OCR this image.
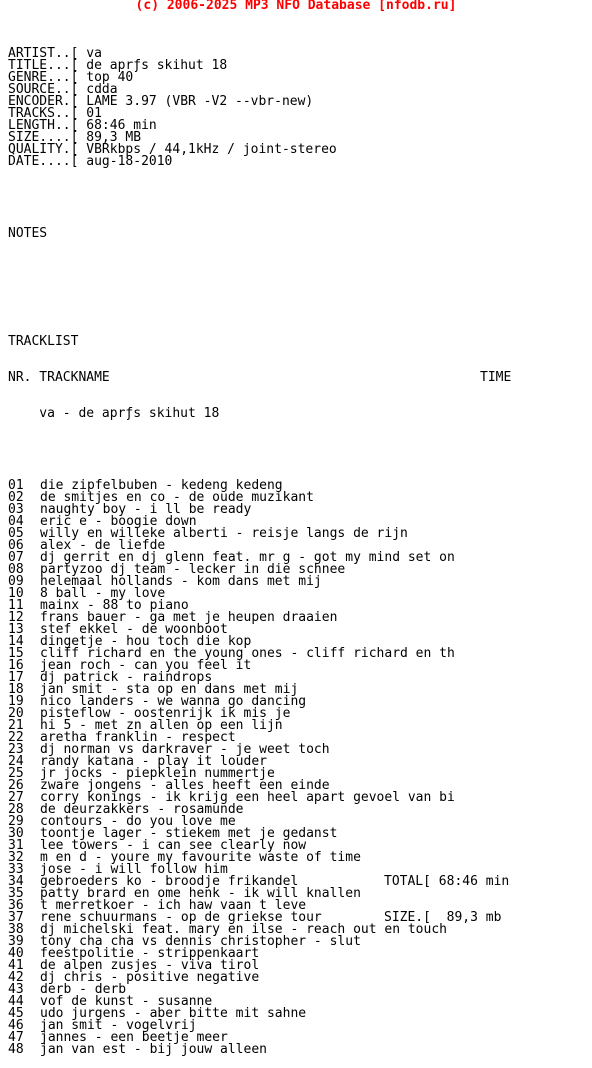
(c) 2006-2025 MP3 NFO Database [nfodb.ru]

ARTIST..[ va
TITLE...[ de aprƒs skihut 18
GENRE...[ top 40
SOURCE..[ cdda
ENCODER.[ LAME 3.97 (VBR -V2 --vbr-new)
TRACKS..[ 01
LENGTH..[ 68:46 min
SIZE....[ 89,3 MB
QUALITY.[ VBRkbps / 44,1kHz / joint-stereo
DATE....[ aug-18-2010

NOTES

TRACKLIST

NR. TRACKNAME	TIME

va - de aprƒs skihut 18

01 die zipfelbuben - kedeng kedeng
02 de smitjes en co - de oude muzikant
03 naughty boy - i ll be ready
04 eric e - boogie down
05 willy en willeke alberti - reisje langs de rijn
06 alex - de liefde
07 dj gerrit en dj glenn feat. mr g - got my mind set on
08 partyzoo dj team - lecker in die schnee
09 helemaal hollands - kom dans met mij
10 8 ball - my love
11 mainx - 88 to piano
12 frans bauer - ga met je heupen draaien
13 stef ekkel - de woonboot
14 dingetje - hou toch die kop
15 cliff richard en the young ones - cliff richard en th
16 jean roch - can you feel it
17 dj patrick - raindrops
18 jan smit - sta op en dans met mij
19 nico landers - we wanna go dancing
20 pisteflow - oostenrijk ik mis je
21 hi 5 - met zn allen op een lijn
22 aretha franklin - respect
23 dj norman vs darkraver - je weet toch
24 randy katana - play it louder
25 jr jocks - piepklein nummertje
26 zware jongens - alles heeft een einde
27 corry konings - ik krijg een heel apart gevoel van bi
28 de deurzakkers - rosamunde
29 contours - do you love me
30 toontje lager - stiekem met je gedanst
31 lee towers - i can see clearly now
32 m en d - youre my favourite waste of time
33 jose - i will follow him
34 gebroeders ko - broodje frikandel
35 patty brard en ome henk - ik will knallen
36 t merretkoer - ich haw vaan t leve
37 rene schuurmans - op de griekse tour
38 dj michelski feat. mary en ilse - reach out en touch
39 tony cha cha vs dennis christopher - slut
40 feestpolitie - strippenkaart
41 de alpen zusjes - viva tirol
42 dj chris - positive negative
43 derb - derb
44 vof de kunst - susanne
45 udo jurgens - aber bitte mit sahne
46 jan smit - vogelvrij
47 jannes - een beetje meer
48 jan van est - bij jouw alleen

TOTAL[ 68:46 min

SIZE.[  89,3 mb
